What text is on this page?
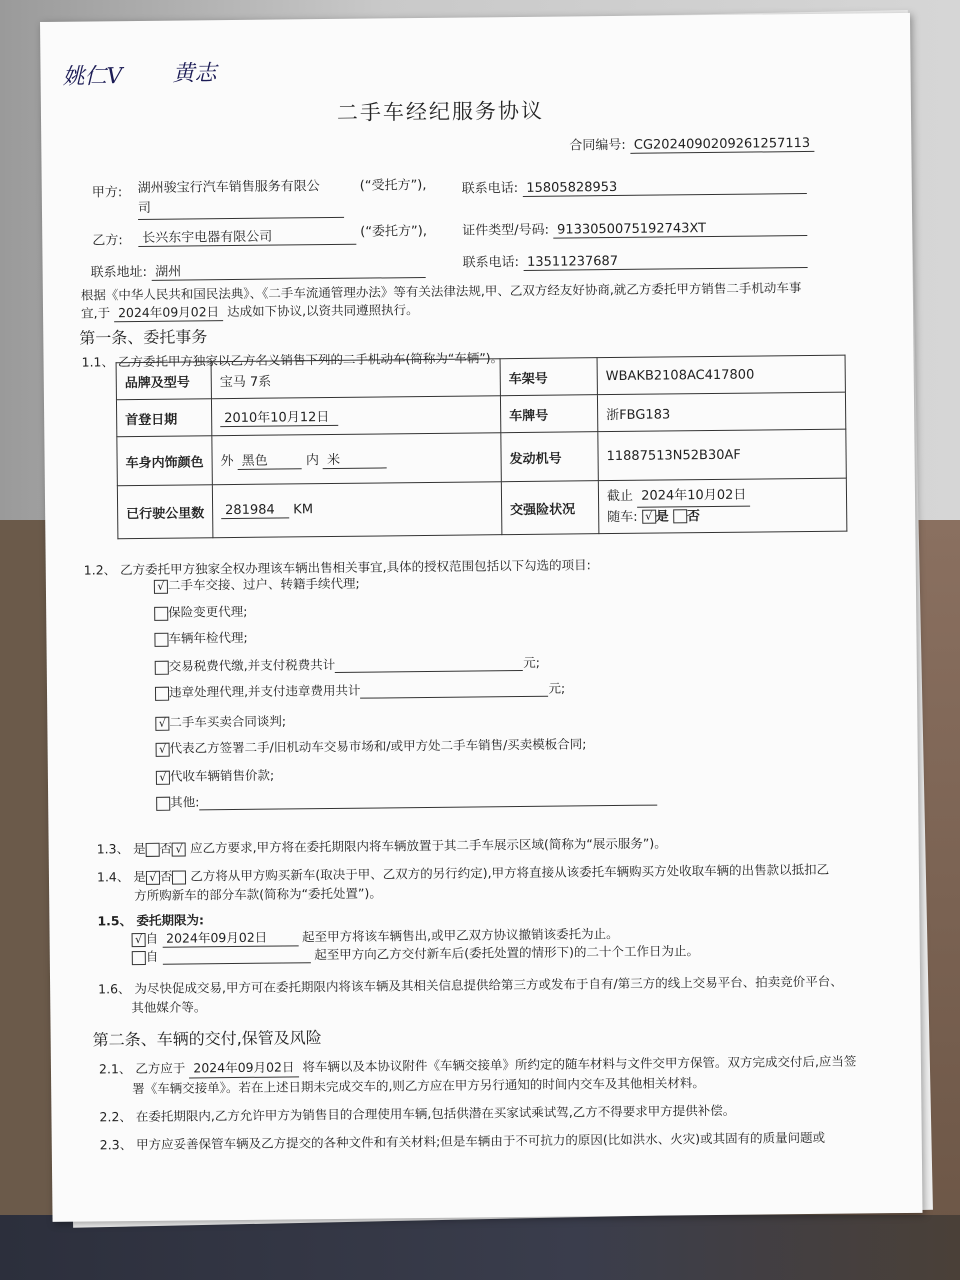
姚仁V 黄志
二手车经纪服务协议
合同编号: CG2024090209261257113
甲方: 湖州骏宝行汽车销售服务有限公
司
(“受托方”),	联系电话: 15805828953
乙方:	长兴东宇电器有限公司	(“委托方”),	证件类型/号码: 9133050075192743XT
联系地址: 湖州
联系电话: 13511237687
根据《中华人民共和国民法典》、《二手车流通管理办法》等有关法律法规,甲、乙双方经友好协商,就乙方委托甲方销售二手机动车事
宜,于 2024年09月02日 达成如下协议,以资共同遵照执行。
第一条、委托事务
1.1、 乙方委托甲方独家以乙方名义销售下列的二手机动车(简称为“车辆”)。
品牌及型号	宝马 7系	车架号	WBAKB2108AC417800
首登日期	2010年10月12日	车牌号	浙FBG183
车身内饰颜色	外 黑色 内 米	发动机号	11887513N52B30AF
已行驶公里数	281984 KM	交强险状况	截止 2024年10月02日
随车: √ 是 否
1.2、 乙方委托甲方独家全权办理该车辆出售相关事宜,具体的授权范围包括以下勾选的项目:
√ 二手车交接、过户、转籍手续代理;
保险变更代理;
车辆年检代理;
交易税费代缴,并支付税费共计	元;
违章处理代理,并支付违章费用共计	元;
√ 二手车买卖合同谈判;
√ 代表乙方签署二手/旧机动车交易市场和/或甲方处二手车销售/买卖模板合同;
√ 代收车辆销售价款;
其他:
1.3、 是 否 √ 应乙方要求,甲方将在委托期限内将车辆放置于其二手车展示区域(简称为“展示服务”)。
1.4、 是 √ 否 乙方将从甲方购买新车(取决于甲、乙双方的另行约定),甲方将直接从该委托车辆购买方处收取车辆的出售款以抵扣乙
方所购新车的部分车款(简称为“委托处置”)。
1.5、 委托期限为:
√ 自 2024年09月02日	起至甲方将该车辆售出,或甲乙双方协议撤销该委托为止。
自	起至甲方向乙方交付新车后(委托处置的情形下)的二十个工作日为止。
1.6、 为尽快促成交易,甲方可在委托期限内将该车辆及其相关信息提供给第三方或发布于自有/第三方的线上交易平台、拍卖竞价平台、
其他媒介等。
第二条、车辆的交付,保管及风险
2.1、 乙方应于 2024年09月02日 将车辆以及本协议附件《车辆交接单》所约定的随车材料与文件交甲方保管。双方完成交付后,应当签
署《车辆交接单》。若在上述日期未完成交车的,则乙方应在甲方另行通知的时间内交车及其他相关材料。
2.2、 在委托期限内,乙方允许甲方为销售目的合理使用车辆,包括供潜在买家试乘试驾,乙方不得要求甲方提供补偿。
2.3、 甲方应妥善保管车辆及乙方提交的各种文件和有关材料;但是车辆由于不可抗力的原因(比如洪水、火灾)或其固有的质量问题或
